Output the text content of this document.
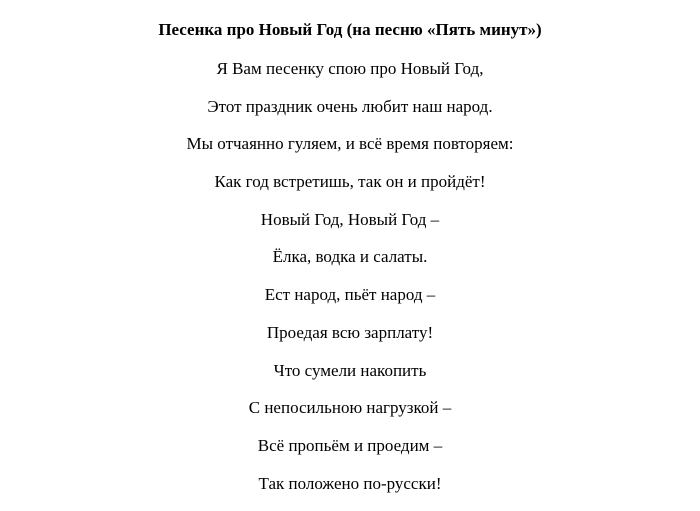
Песенка про Новый Год (на песню «Пять минут»)
Я Вам песенку спою про Новый Год,
Этот праздник очень любит наш народ.
Мы отчаянно гуляем, и всё время повторяем:
Как год встретишь, так он и пройдёт!
Новый Год, Новый Год –
Ёлка, водка и салаты.
Ест народ, пьёт народ –
Проедая всю зарплату!
Что сумели накопить
С непосильною нагрузкой –
Всё пропьём и проедим –
Так положено по-русски!
